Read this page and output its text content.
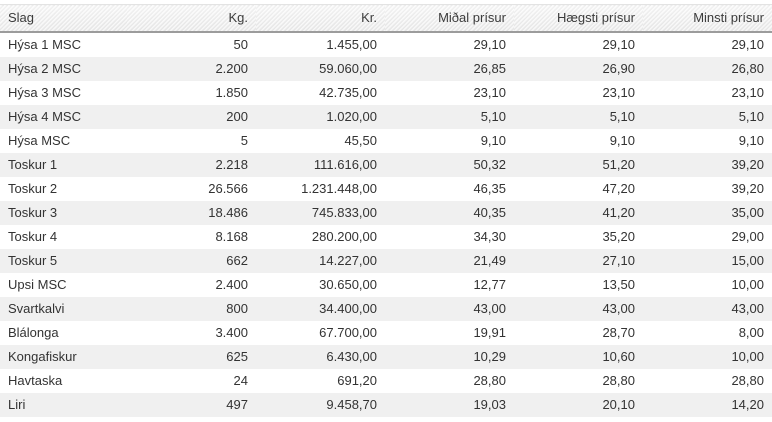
Slag	Kg.	Kr.	Miðal prísur	Hægsti prísur	Minsti prísur
Hýsa 1 MSC	50	1.455,00	29,10	29,10	29,10
Hýsa 2 MSC	2.200	59.060,00	26,85	26,90	26,80
Hýsa 3 MSC	1.850	42.735,00	23,10	23,10	23,10
Hýsa 4 MSC	200	1.020,00	5,10	5,10	5,10
Hýsa MSC	5	45,50	9,10	9,10	9,10
Toskur 1	2.218	111.616,00	50,32	51,20	39,20
Toskur 2	26.566	1.231.448,00	46,35	47,20	39,20
Toskur 3	18.486	745.833,00	40,35	41,20	35,00
Toskur 4	8.168	280.200,00	34,30	35,20	29,00
Toskur 5	662	14.227,00	21,49	27,10	15,00
Upsi MSC	2.400	30.650,00	12,77	13,50	10,00
Svartkalvi	800	34.400,00	43,00	43,00	43,00
Blálonga	3.400	67.700,00	19,91	28,70	8,00
Kongafiskur	625	6.430,00	10,29	10,60	10,00
Havtaska	24	691,20	28,80	28,80	28,80
Liri	497	9.458,70	19,03	20,10	14,20
